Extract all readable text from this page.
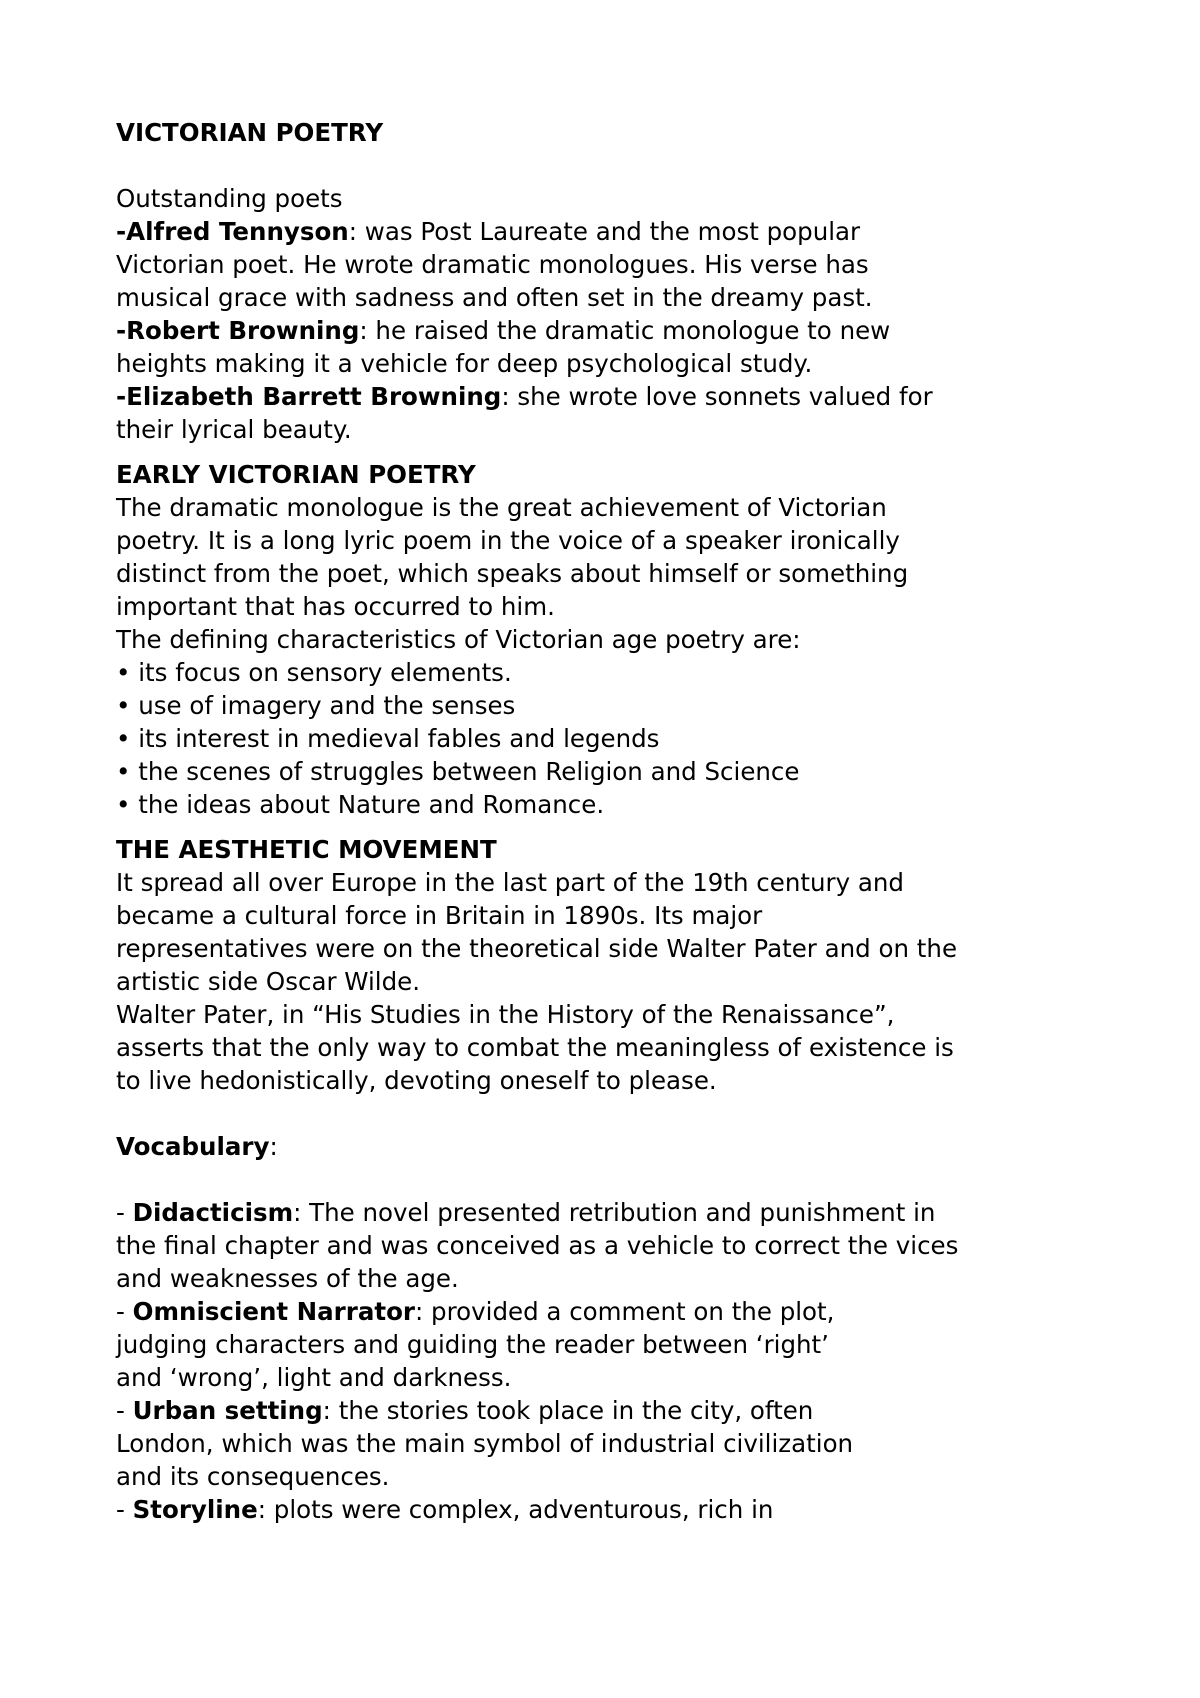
VICTORIAN POETRY
Outstanding poets
-Alfred Tennyson: was Post Laureate and the most popular
Victorian poet. He wrote dramatic monologues. His verse has
musical grace with sadness and often set in the dreamy past.
-Robert Browning: he raised the dramatic monologue to new
heights making it a vehicle for deep psychological study.
-Elizabeth Barrett Browning: she wrote love sonnets valued for
their lyrical beauty.
EARLY VICTORIAN POETRY
The dramatic monologue is the great achievement of Victorian
poetry. It is a long lyric poem in the voice of a speaker ironically
distinct from the poet, which speaks about himself or something
important that has occurred to him.
The defining characteristics of Victorian age poetry are:
• its focus on sensory elements.
• use of imagery and the senses
• its interest in medieval fables and legends
• the scenes of struggles between Religion and Science
• the ideas about Nature and Romance.
THE AESTHETIC MOVEMENT
It spread all over Europe in the last part of the 19th century and
became a cultural force in Britain in 1890s. Its major
representatives were on the theoretical side Walter Pater and on the
artistic side Oscar Wilde.
Walter Pater, in “His Studies in the History of the Renaissance”,
asserts that the only way to combat the meaningless of existence is
to live hedonistically, devoting oneself to please.
Vocabulary:
- Didacticism: The novel presented retribution and punishment in
the final chapter and was conceived as a vehicle to correct the vices
and weaknesses of the age.
- Omniscient Narrator: provided a comment on the plot,
judging characters and guiding the reader between ‘right’
and ‘wrong’, light and darkness.
- Urban setting: the stories took place in the city, often
London, which was the main symbol of industrial civilization
and its consequences.
- Storyline: plots were complex, adventurous, rich in
